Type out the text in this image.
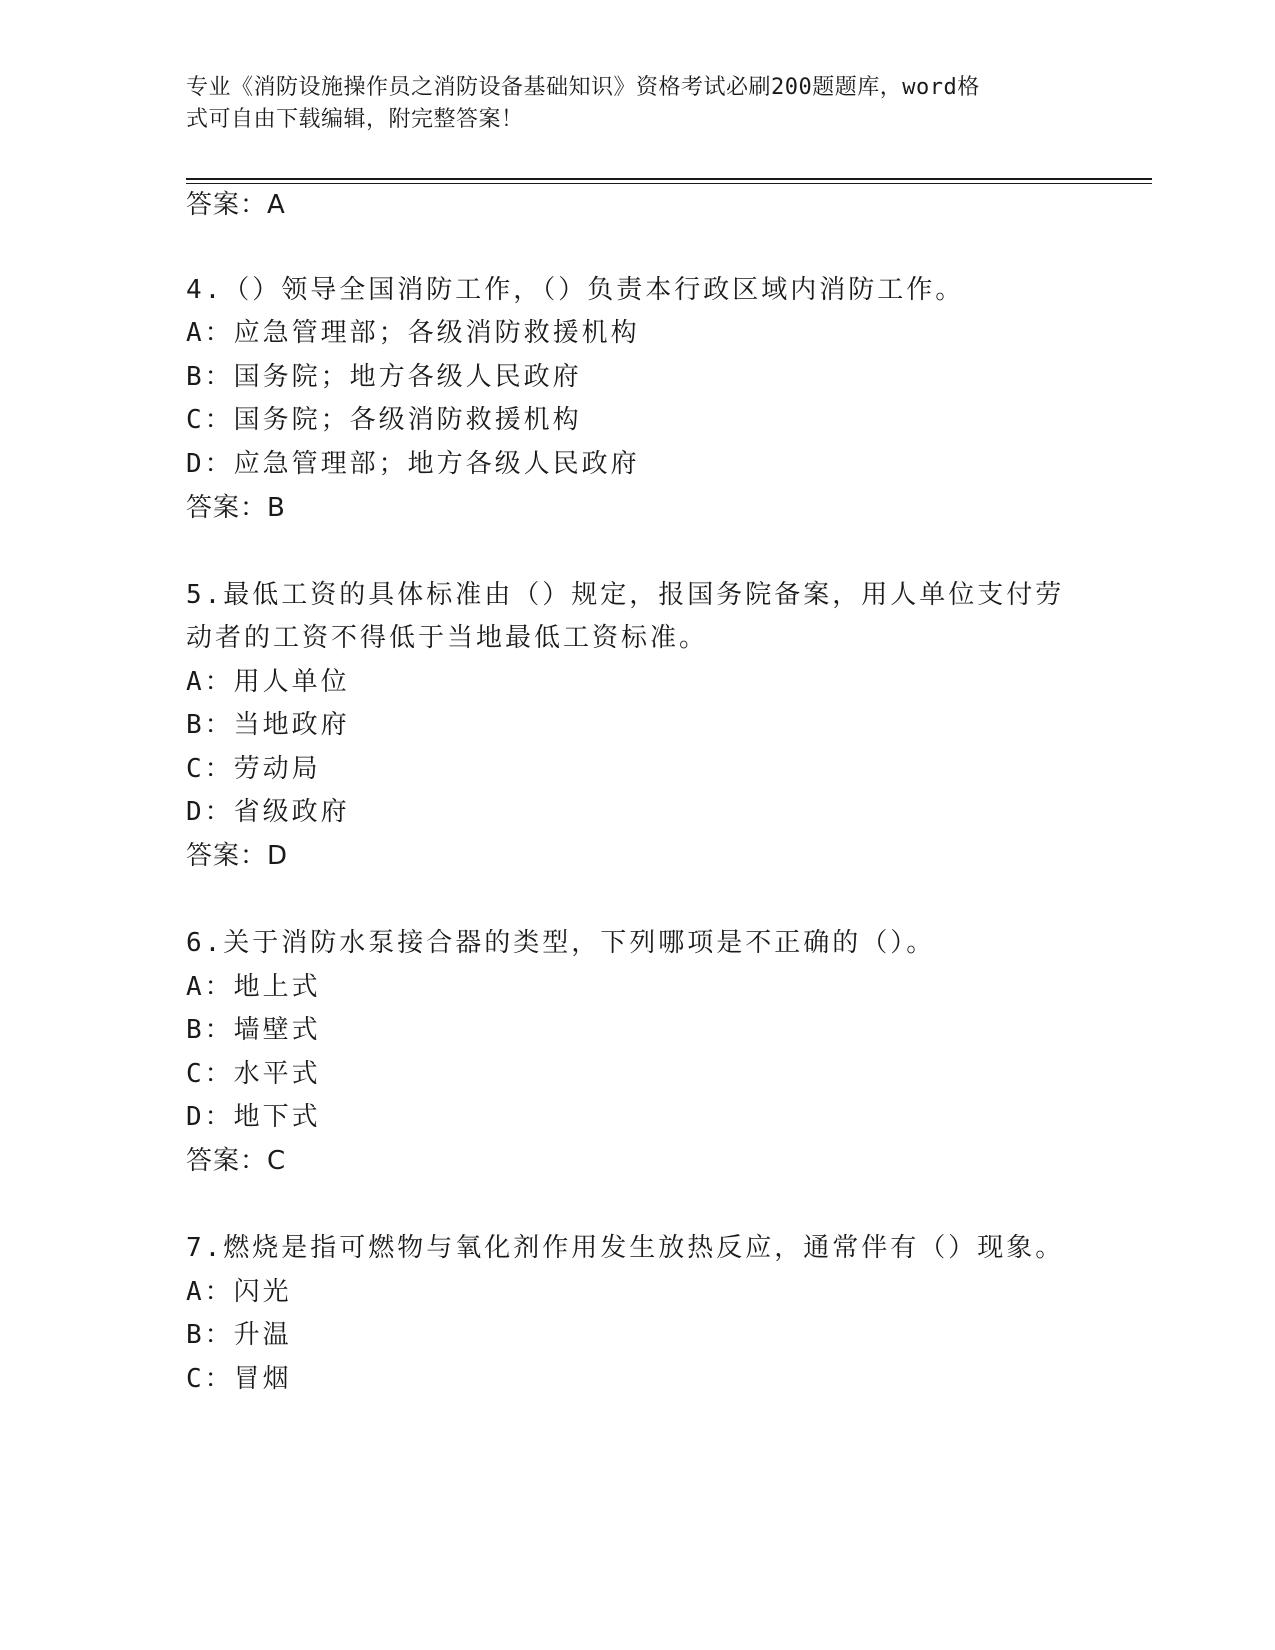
专业《消防设施操作员之消防设备基础知识》资格考试必刷200题题库，word格
式可自由下载编辑，附完整答案！
答案：A
4.（）领导全国消防工作，（）负责本行政区域内消防工作。
A：应急管理部；各级消防救援机构
B：国务院；地方各级人民政府
C：国务院；各级消防救援机构
D：应急管理部；地方各级人民政府
答案：B
5.最低工资的具体标准由（）规定，报国务院备案，用人单位支付劳
动者的工资不得低于当地最低工资标准。
A：用人单位
B：当地政府
C：劳动局
D：省级政府
答案：D
6.关于消防水泵接合器的类型，下列哪项是不正确的（）。
A：地上式
B：墙壁式
C：水平式
D：地下式
答案：C
7.燃烧是指可燃物与氧化剂作用发生放热反应，通常伴有（）现象。
A：闪光
B：升温
C：冒烟
